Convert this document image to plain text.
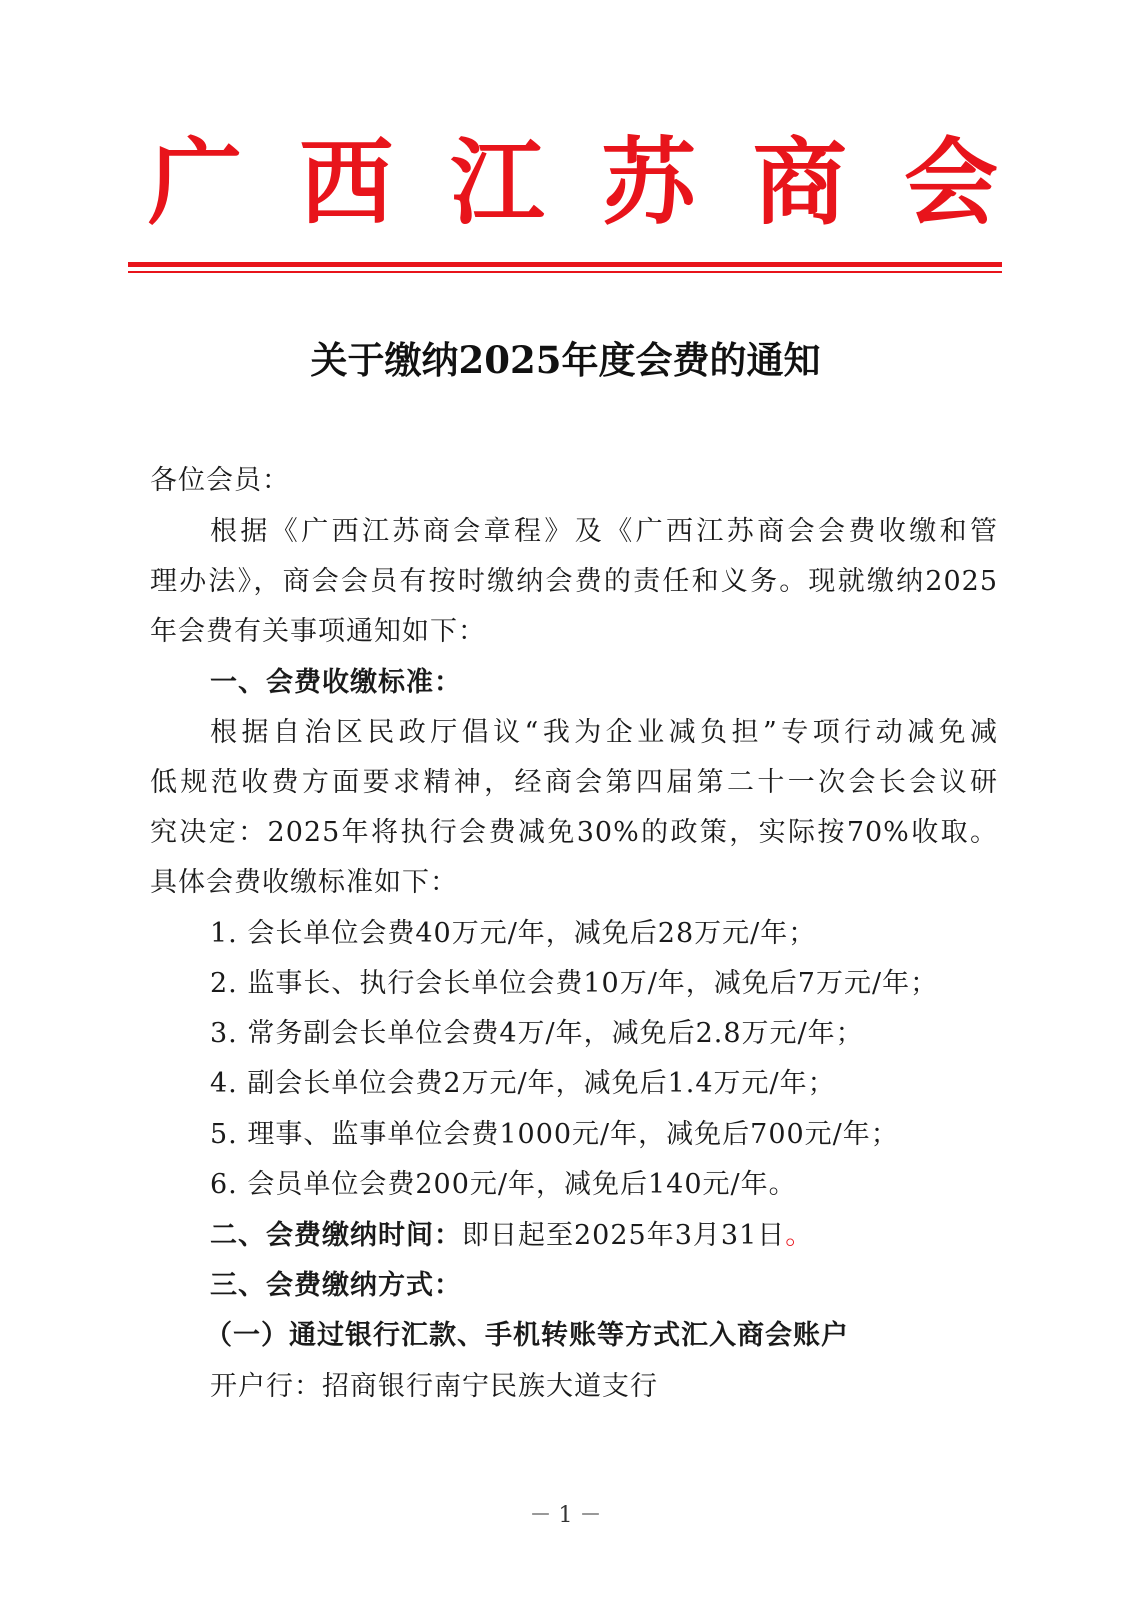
广 西 江 苏 商 会
关于缴纳2025年度会费的通知
各位会员：
根据《广西江苏商会章程》及《广西江苏商会会费收缴和管
理办法》，商会会员有按时缴纳会费的责任和义务。现就缴纳2025
年会费有关事项通知如下：
一、会费收缴标准：
根据自治区民政厅倡议“我为企业减负担”专项行动减免减
低规范收费方面要求精神，经商会第四届第二十一次会长会议研
究决定：2025年将执行会费减免30%的政策，实际按70%收取。
具体会费收缴标准如下：
1. 会长单位会费40万元/年，减免后28万元/年；
2. 监事长、执行会长单位会费10万/年，减免后7万元/年；
3. 常务副会长单位会费4万/年，减免后2.8万元/年；
4. 副会长单位会费2万元/年，减免后1.4万元/年；
5. 理事、监事单位会费1000元/年，减免后700元/年；
6. 会员单位会费200元/年，减免后140元/年。
二、会费缴纳时间：即日起至2025年3月31日。
三、会费缴纳方式：
（一）通过银行汇款、手机转账等方式汇入商会账户
开户行：招商银行南宁民族大道支行
－ 1 －
